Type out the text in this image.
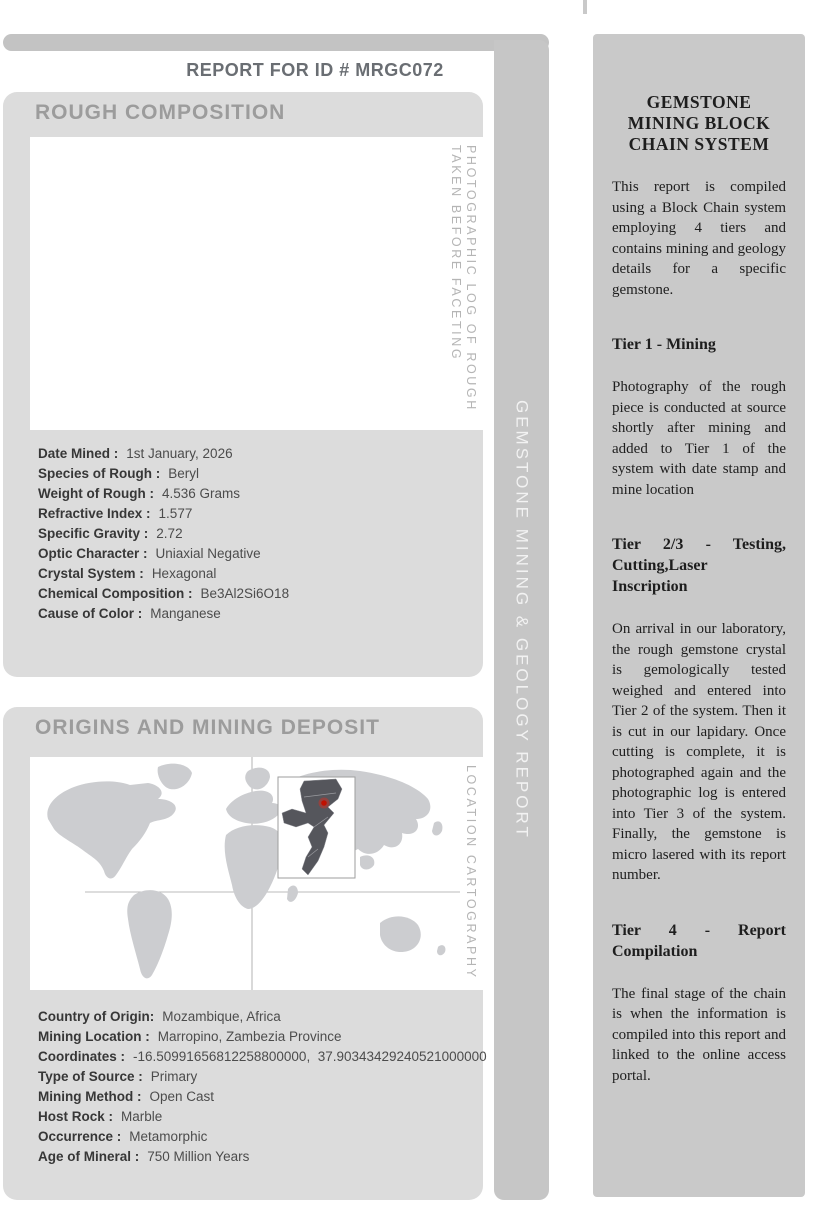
GEMSTONE MINING & GEOLOGY REPORT
REPORT FOR ID # MRGC072
ROUGH COMPOSITION
PHOTOGRAPHIC LOG OF ROUGH
TAKEN BEFORE FACETING
Date Mined : 1st January, 2026
Species of Rough : Beryl
Weight of Rough : 4.536 Grams
Refractive Index : 1.577
Specific Gravity : 2.72
Optic Character : Uniaxial Negative
Crystal System : Hexagonal
Chemical Composition : Be3Al2Si6O18
Cause of Color : Manganese
ORIGINS AND MINING DEPOSIT
LOCATION CARTOGRAPHY
Country of Origin: Mozambique, Africa
Mining Location : Marropino, Zambezia Province
Coordinates : -16.50991656812258800000,  37.90343429240521000000
Type of Source : Primary
Mining Method : Open Cast
Host Rock : Marble
Occurrence : Metamorphic
Age of Mineral : 750 Million Years
GEMSTONE
MINING BLOCK
CHAIN SYSTEM
This report is compiled using a Block Chain system employing 4 tiers and contains mining and geology details for a specific gemstone.
Tier 1 - Mining
Photography of the rough piece is conducted at source shortly after mining and added to Tier 1 of the system with date stamp and mine location
Tier 2/3 - Testing, Cutting,Laser Inscription
On arrival in our laboratory, the rough gemstone crystal is gemologically tested weighed and entered into Tier 2 of the system. Then it is cut in our lapidary. Once cutting is complete, it is photographed again and the photographic log is entered into Tier 3 of the system. Finally, the gemstone is micro lasered with its report number.
Tier 4 - Report Compilation
The final stage of the chain is when the information is compiled into this report and linked to the online access portal.
